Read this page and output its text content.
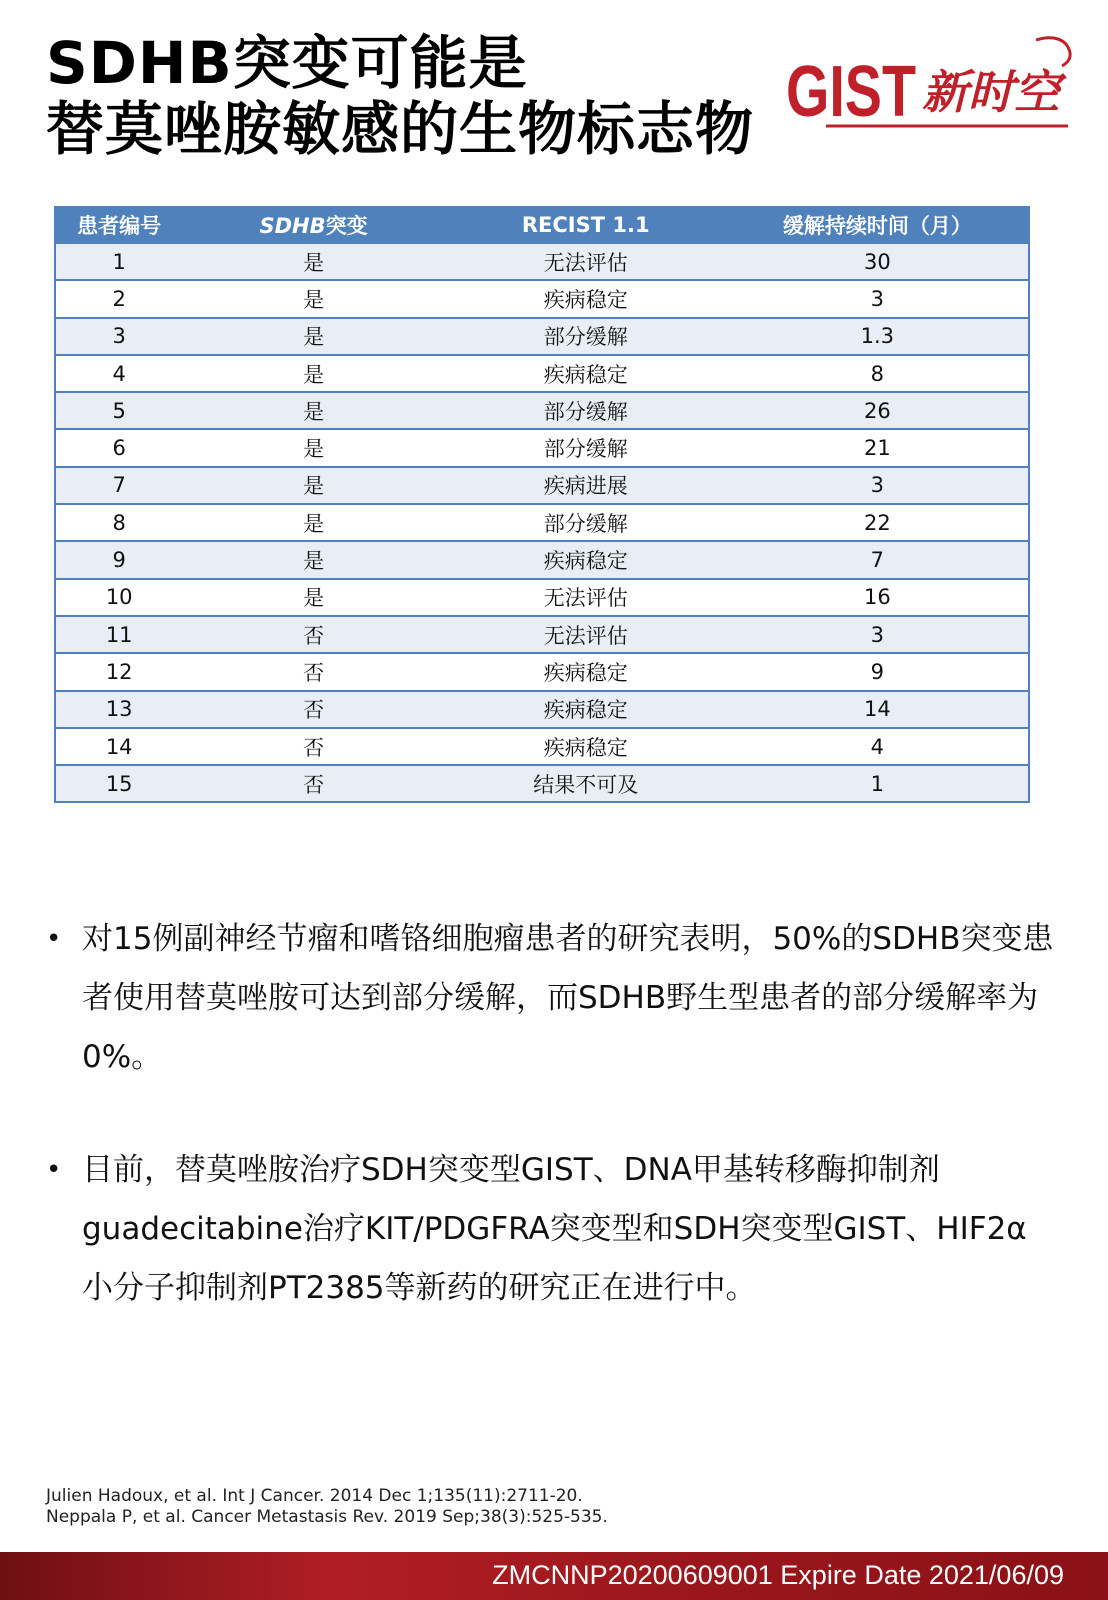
SDHB突变可能是
替莫唑胺敏感的生物标志物 GIST 新时空
患者编号	SDHB突变	RECIST 1.1	缓解持续时间（月）
1	是	无法评估	30
2	是	疾病稳定	3
3	是	部分缓解	1.3
4	是	疾病稳定	8
5	是	部分缓解	26
6	是	部分缓解	21
7	是	疾病进展	3
8	是	部分缓解	22
9	是	疾病稳定	7
10	是	无法评估	16
11	否	无法评估	3
12	否	疾病稳定	9
13	否	疾病稳定	14
14	否	疾病稳定	4
15	否	结果不可及	1
• 对15例副神经节瘤和嗜铬细胞瘤患者的研究表明，50%的SDHB突变患者使用替莫唑胺可达到部分缓解，而SDHB野生型患者的部分缓解率为0%。
• 目前，替莫唑胺治疗SDH突变型GIST、DNA甲基转移酶抑制剂guadecitabine治疗KIT/PDGFRA突变型和SDH突变型GIST、HIF2α小分子抑制剂PT2385等新药的研究正在进行中。
Julien Hadoux, et al. Int J Cancer. 2014 Dec 1;135(11):2711-20.
Neppala P, et al. Cancer Metastasis Rev. 2019 Sep;38(3):525-535.
ZMCNNP20200609001 Expire Date 2021/06/09
